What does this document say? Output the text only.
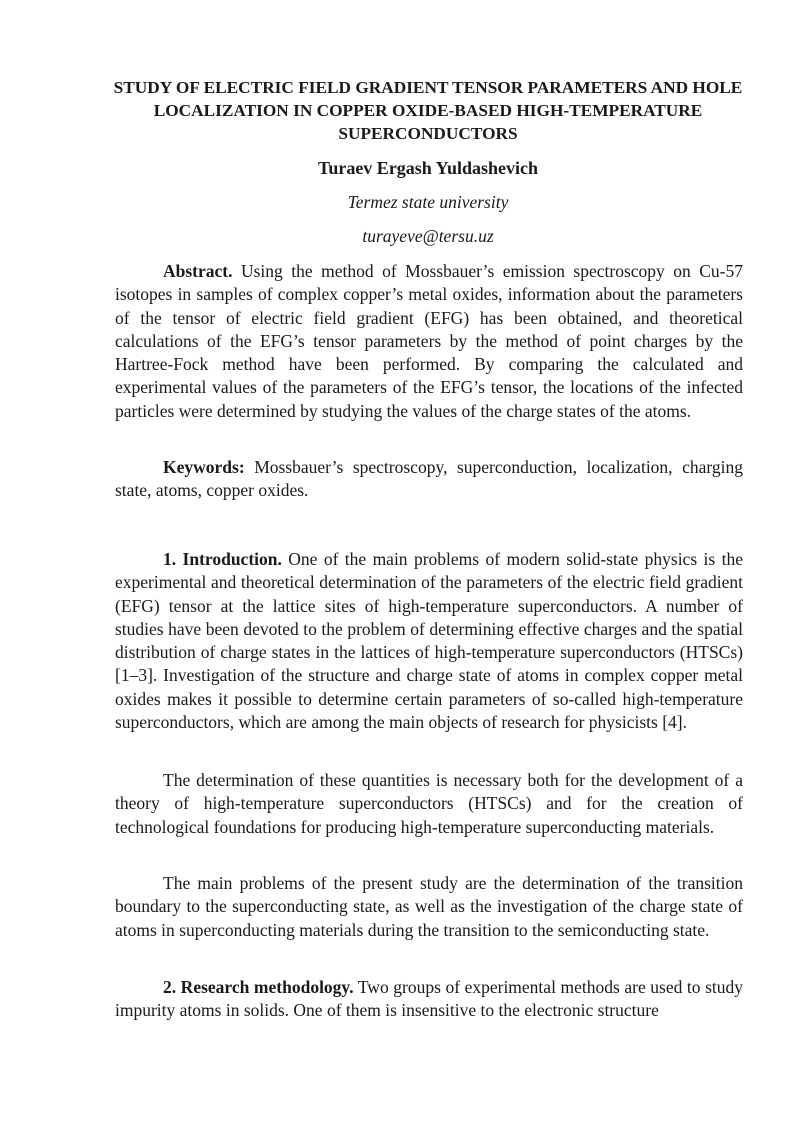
STUDY OF ELECTRIC FIELD GRADIENT TENSOR PARAMETERS AND HOLE LOCALIZATION IN COPPER OXIDE-BASED HIGH-TEMPERATURE SUPERCONDUCTORS

Turaev Ergash Yuldashevich

Termez state university

turayeve@tersu.uz

Abstract. Using the method of Mossbauer’s emission spectroscopy on Cu-57 isotopes in samples of complex copper’s metal oxides, information about the parameters of the tensor of electric field gradient (EFG) has been obtained, and theoretical calculations of the EFG’s tensor parameters by the method of point charges by the Hartree-Fock method have been performed. By comparing the calculated and experimental values of the parameters of the EFG’s tensor, the locations of the infected particles were determined by studying the values of the charge states of the atoms.

Keywords: Mossbauer’s spectroscopy, superconduction, localization, charging state, atoms, copper oxides.

1. Introduction. One of the main problems of modern solid-state physics is the experimental and theoretical determination of the parameters of the electric field gradient (EFG) tensor at the lattice sites of high-temperature superconductors. A number of studies have been devoted to the problem of determining effective charges and the spatial distribution of charge states in the lattices of high-temperature superconductors (HTSCs) [1–3]. Investigation of the structure and charge state of atoms in complex copper metal oxides makes it possible to determine certain parameters of so-called high-temperature superconductors, which are among the main objects of research for physicists [4].

The determination of these quantities is necessary both for the development of a theory of high-temperature superconductors (HTSCs) and for the creation of technological foundations for producing high-temperature superconducting materials.

The main problems of the present study are the determination of the transition boundary to the superconducting state, as well as the investigation of the charge state of atoms in superconducting materials during the transition to the semiconducting state.

2. Research methodology. Two groups of experimental methods are used to study impurity atoms in solids. One of them is insensitive to the electronic structure
